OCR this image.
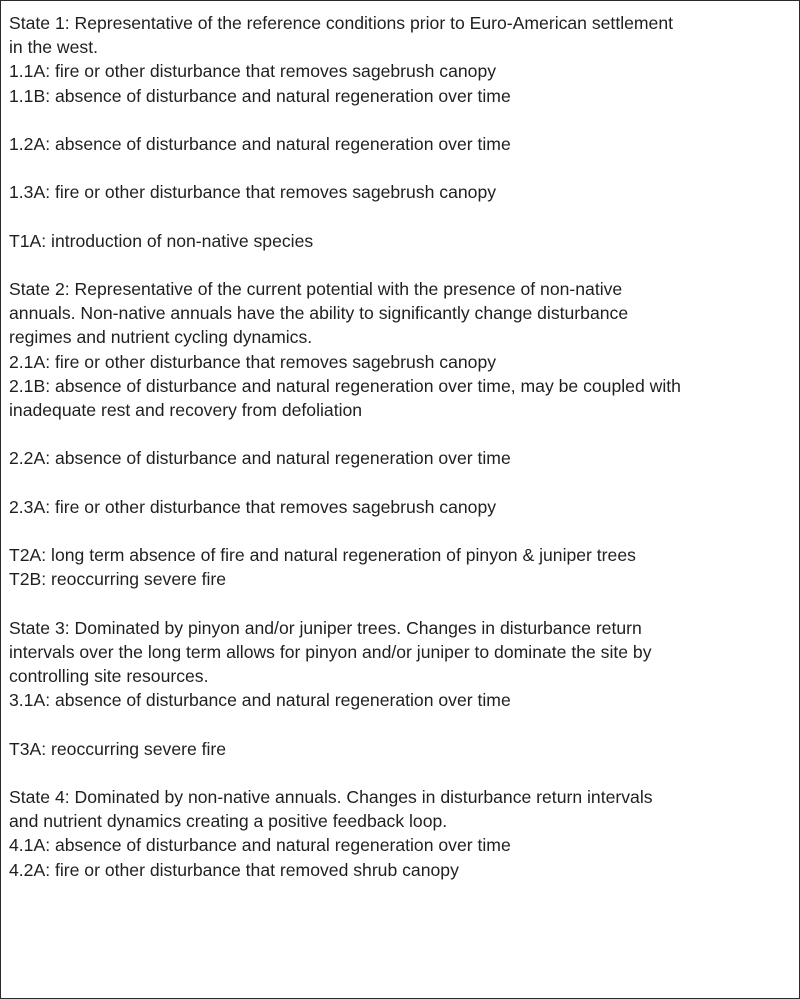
State 1: Representative of the reference conditions prior to Euro-American settlement
in the west.
1.1A: fire or other disturbance that removes sagebrush canopy
1.1B: absence of disturbance and natural regeneration over time
1.2A: absence of disturbance and natural regeneration over time
1.3A: fire or other disturbance that removes sagebrush canopy
T1A: introduction of non-native species
State 2: Representative of the current potential with the presence of non-native
annuals. Non-native annuals have the ability to significantly change disturbance
regimes and nutrient cycling dynamics.
2.1A: fire or other disturbance that removes sagebrush canopy
2.1B: absence of disturbance and natural regeneration over time, may be coupled with
inadequate rest and recovery from defoliation
2.2A: absence of disturbance and natural regeneration over time
2.3A: fire or other disturbance that removes sagebrush canopy
T2A: long term absence of fire and natural regeneration of pinyon & juniper trees
T2B: reoccurring severe fire
State 3: Dominated by pinyon and/or juniper trees. Changes in disturbance return
intervals over the long term allows for pinyon and/or juniper to dominate the site by
controlling site resources.
3.1A: absence of disturbance and natural regeneration over time
T3A: reoccurring severe fire
State 4: Dominated by non-native annuals. Changes in disturbance return intervals
and nutrient dynamics creating a positive feedback loop.
4.1A: absence of disturbance and natural regeneration over time
4.2A: fire or other disturbance that removed shrub canopy
